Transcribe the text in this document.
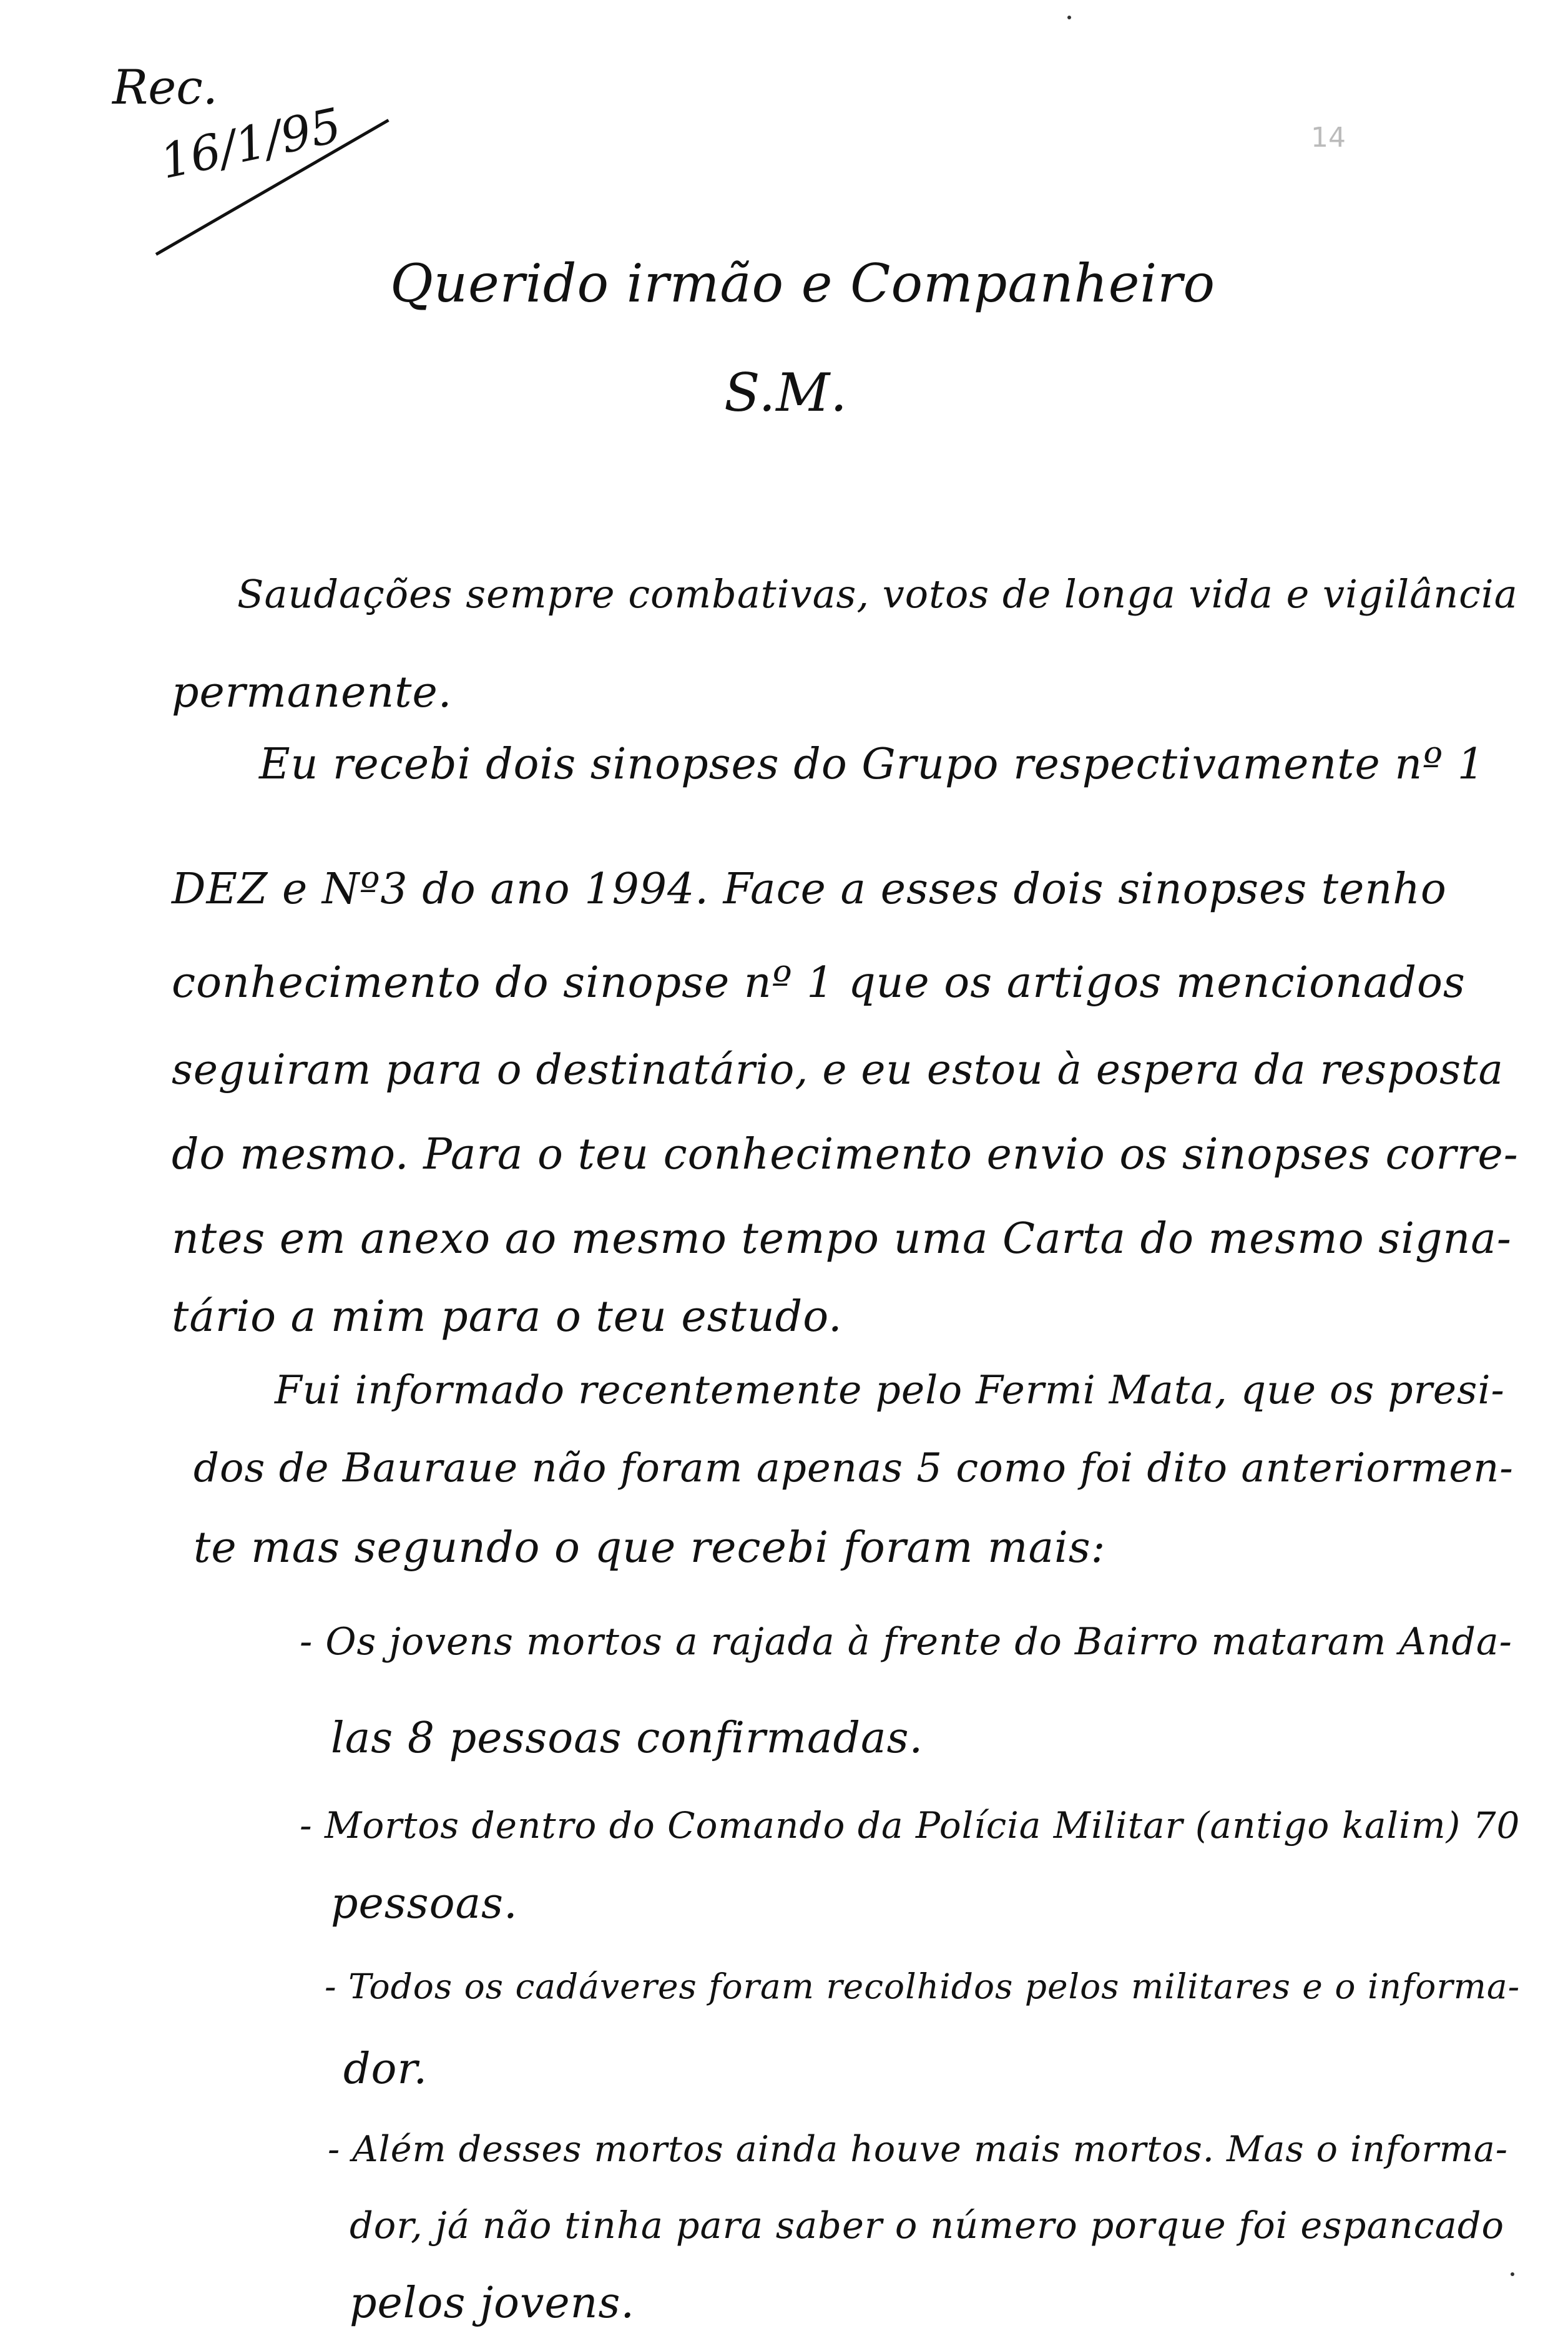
Rec.
16/1/95	14
Querido irmão e Companheiro
S.M.
Saudações sempre combativas, votos de longa vida e vigilância
permanente.
Eu recebi dois sinopses do Grupo respectivamente nº 1
DEZ e Nº3 do ano 1994. Face a esses dois sinopses tenho
conhecimento do sinopse nº 1 que os artigos mencionados
seguiram para o destinatário, e eu estou à espera da resposta
do mesmo. Para o teu conhecimento envio os sinopses corre-
ntes em anexo ao mesmo tempo uma Carta do mesmo signa-
tário a mim para o teu estudo.
Fui informado recentemente pelo Fermi Mata, que os presi-
dos de Bauraue não foram apenas 5 como foi dito anteriormen-
te mas segundo o que recebi foram mais:
- Os jovens mortos a rajada à frente do Bairro mataram Anda-
las 8 pessoas confirmadas.
- Mortos dentro do Comando da Polícia Militar (antigo kalim) 70
pessoas.
- Todos os cadáveres foram recolhidos pelos militares e o informa-
dor.
- Além desses mortos ainda houve mais mortos. Mas o informa-
dor, já não tinha para saber o número porque foi espancado
pelos jovens.
